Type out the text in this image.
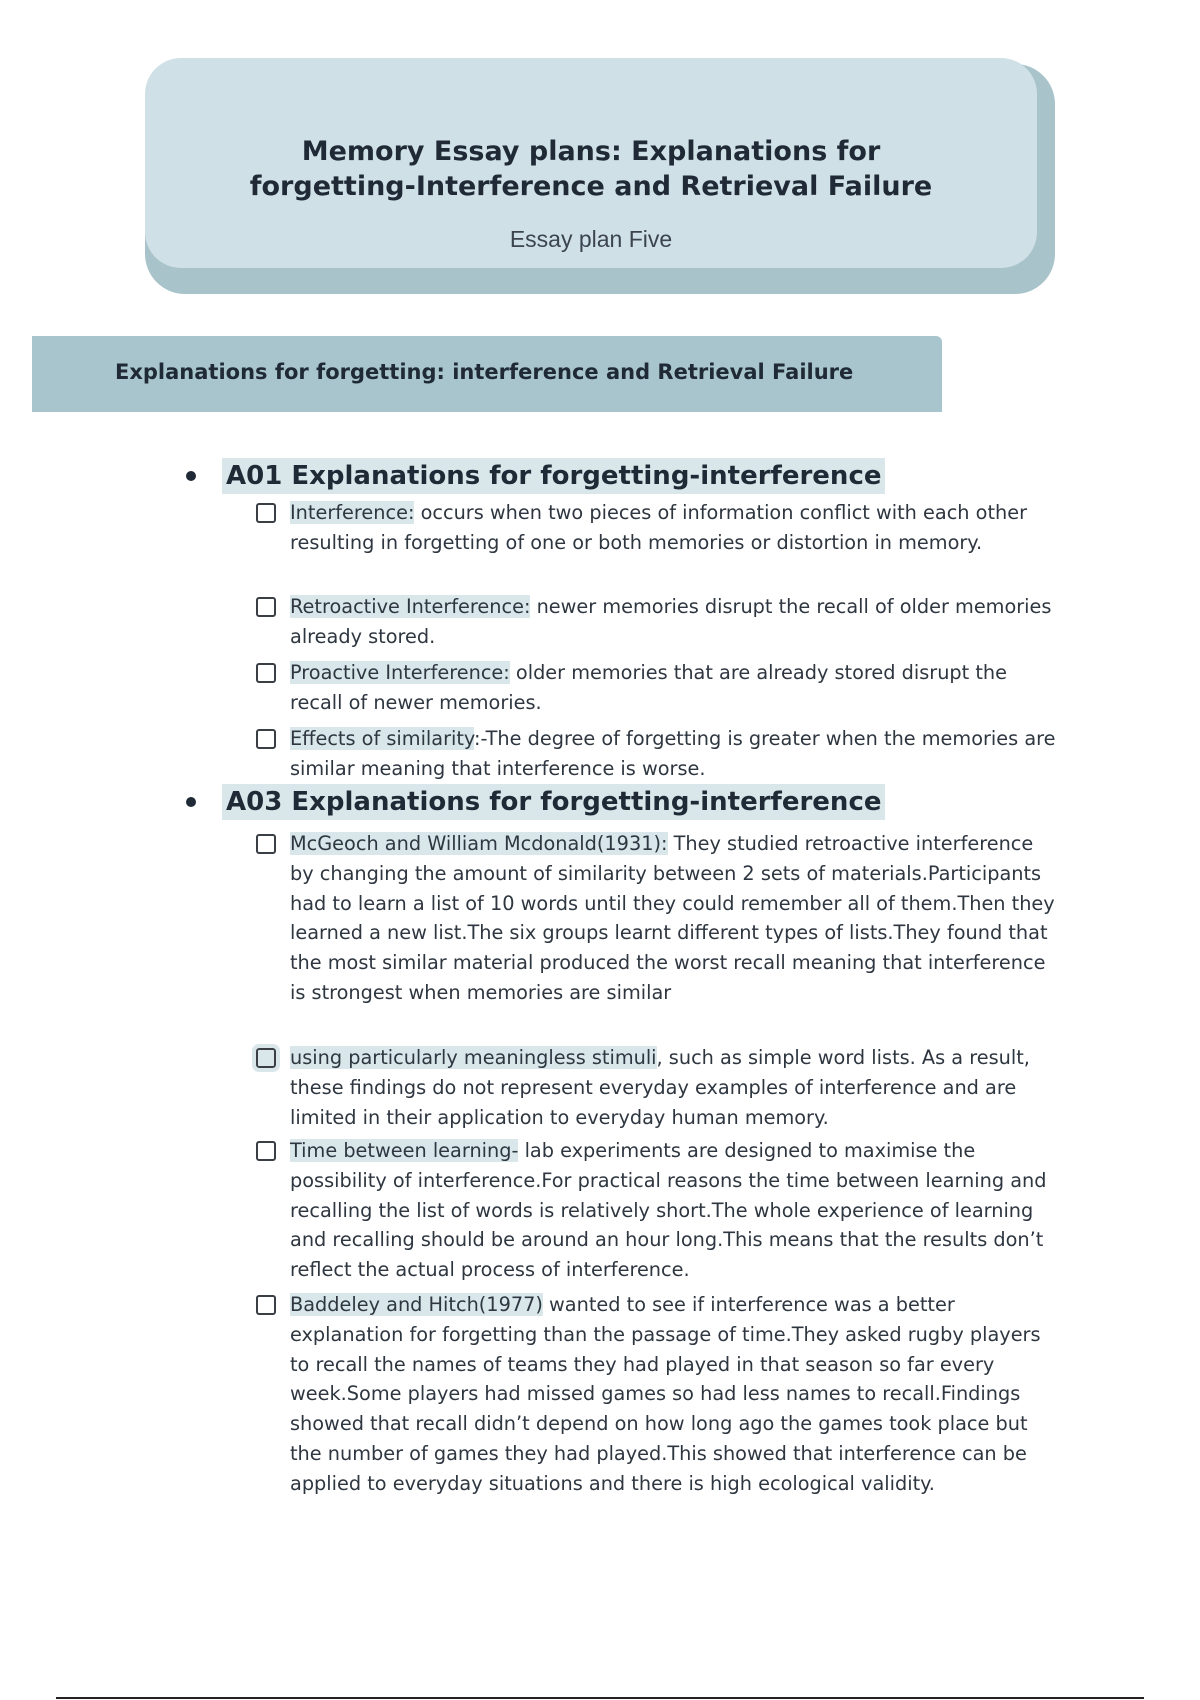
Memory Essay plans: Explanations for
forgetting-Interference and Retrieval Failure
Essay plan Five
Explanations for forgetting: interference and Retrieval Failure
A01 Explanations for forgetting-interference
Interference: occurs when two pieces of information conflict with each other resulting in forgetting of one or both memories or distortion in memory.
Retroactive Interference: newer memories disrupt the recall of older memories already stored.
Proactive Interference: older memories that are already stored disrupt the recall of newer memories.
Effects of similarity:-The degree of forgetting is greater when the memories are similar meaning that interference is worse.
A03 Explanations for forgetting-interference
McGeoch and William Mcdonald(1931): They studied retroactive interference by changing the amount of similarity between 2 sets of materials.Participants had to learn a list of 10 words until they could remember all of them.Then they learned a new list.The six groups learnt different types of lists.They found that the most similar material produced the worst recall meaning that interference is strongest when memories are similar
using particularly meaningless stimuli, such as simple word lists. As a result, these findings do not represent everyday examples of interference and are limited in their application to everyday human memory.
Time between learning- lab experiments are designed to maximise the possibility of interference.For practical reasons the time between learning and recalling the list of words is relatively short.The whole experience of learning and recalling should be around an hour long.This means that the results don’t reflect the actual process of interference.
Baddeley and Hitch(1977) wanted to see if interference was a better explanation for forgetting than the passage of time.They asked rugby players to recall the names of teams they had played in that season so far every week.Some players had missed games so had less names to recall.Findings showed that recall didn’t depend on how long ago the games took place but the number of games they had played.This showed that interference can be applied to everyday situations and there is high ecological validity.
